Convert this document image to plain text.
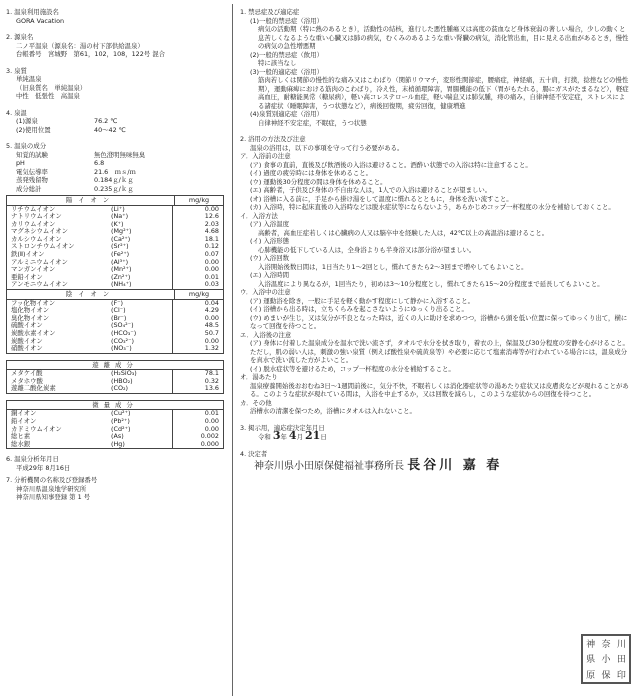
1. 温泉利用施設名
GORA Vacation
2. 源泉名
二ノ平温泉（源泉名：湯の村下部供給温泉）
台帳番号　宮城野　第61，102，108，122号 混合
3. 泉質
単純温泉
（旧泉質名　単純温泉）
中性　低張性　高温泉
4. 泉温
(1)源泉	76.2 ℃
(2)使用位置	40～42 ℃
5. 温泉の成分
知覚的試験	無色澄明無味無臭
pH	6.8
電気伝導率	21.6　ｍｓ/ｍ
蒸発残留物	0.184ｇ/ｋｇ
成分総計	0.235ｇ/ｋｇ
陽イオン	mg/kg
リチウムイオン	(Li⁺)	0.00
ナトリウムイオン	(Na⁺)	12.6
カリウムイオン	(K⁺)	2.03
マグネシウムイオン	(Mg²⁺)	4.68
カルシウムイオン	(Ca²⁺)	18.1
ストロンチウムイオン	(Sr²⁺)	0.12
鉄(Ⅱ)イオン	(Fe²⁺)	0.07
アルミニウムイオン	(Al³⁺)	0.00
マンガンイオン	(Mn²⁺)	0.00
亜鉛イオン	(Zn²⁺)	0.01
アンモニウムイオン	(NH₄⁺)	0.03
陰イオン	mg/kg
フッ化物イオン	(F⁻)	0.04
塩化物イオン	(Cl⁻)	4.29
臭化物イオン	(Br⁻)	0.00
硫酸イオン	(SO₄²⁻)	48.5
炭酸水素イオン	(HCO₃⁻)	50.7
炭酸イオン	(CO₃²⁻)	0.00
硝酸イオン	(NO₃⁻)	1.32
遊離成分
メタケイ酸	(H₂SiO₃)	78.1
メタホウ酸	(HBO₂)	0.32
遊離二酸化炭素	(CO₂)	13.6
微量成分
銅イオン	(Cu²⁺)	0.01
鉛イオン	(Pb²⁺)	0.00
カドミウムイオン	(Cd²⁺)	0.00
総ヒ素	(As)	0.002
総水銀	(Hg)	0.000
6. 温泉分析年月日
平成29年 8月16日
7. 分析機関の名称及び登録番号
神奈川県温泉地学研究所
神奈川県知事登録 第 1 号
1. 禁忌症及び適応症
(1)一般的禁忌症（浴用）
病気の活動期（特に熱のあるとき），活動性の結核，進行した悪性腫瘍又は高度の貧血など身体衰弱の著しい場合，少しの動くと息苦しくなるような重い心臓又は肺の病気，むくみのあるような重い腎臓の病気，消化管出血，目に見える出血があるとき，慢性の病気の急性増悪期
(2)一般的禁忌症（飲用）
特に該当なし
(3)一般的適応症（浴用）
筋肉若しくは関節の慢性的な痛み又はこわばり（関節リウマチ，変形性関節症，腰痛症，神経痛，五十肩，打撲，捻挫などの慢性期），運動麻痺における筋肉のこわばり，冷え性，末梢循環障害，胃腸機能の低下（胃がもたれる，腸にガスがたまるなど），軽症高血圧，耐糖能異常（糖尿病），軽い高コレステロール血症，軽い喘息又は肺気腫，痔の痛み，自律神経不安定症，ストレスによる諸症状（睡眠障害，うつ状態など），病後回復期，疲労回復，健康増進
(4)泉質別適応症（浴用）
自律神経不安定症，不眠症，うつ状態
2. 浴用の方法及び注意
温泉の浴用は，以下の事項を守って行う必要がある。
ア．入浴前の注意
(ア) 食事の直前，直後及び飲酒後の入浴は避けること。酒酔い状態での入浴は特に注意すること。
(イ) 過度の疲労時には身体を休めること。
(ウ) 運動後30分程度の間は身体を休めること。
(エ) 高齢者，子供及び身体の不自由な人は，1人での入浴は避けることが望ましい。
(オ) 浴槽に入る前に，手足から掛け湯をして温度に慣れるとともに，身体を洗い流すこと。
(カ) 入浴時，特に起床直後の入浴時などは脱水症状等にならないよう，あらかじめコップ一杯程度の水分を補給しておくこと。
イ．入浴方法
(ア) 入浴温度
高齢者，高血圧症若しくは心臓病の人又は脳卒中を経験した人は，42℃以上の高温浴は避けること。
(イ) 入浴形態
心肺機能の低下している人は，全身浴よりも半身浴又は部分浴が望ましい。
(ウ) 入浴回数
入浴開始後数日間は，1日当たり1～2回とし，慣れてきたら2～3回まで増やしてもよいこと。
(エ) 入浴時間
入浴温度により異なるが，1回当たり，初めは3～10分程度とし，慣れてきたら15～20分程度まで延長してもよいこと。
ウ．入浴中の注意
(ア) 運動浴を除き，一般に手足を軽く動かす程度にして静かに入浴すること。
(イ) 浴槽から出る時は，立ちくらみを起こさないようにゆっくり出ること。
(ウ) めまいが生じ，又は気分が不良となった時は，近くの人に助けを求めつつ，浴槽から頭を低い位置に保ってゆっくり出て，横になって回復を待つこと。
エ．入浴後の注意
(ア) 身体に付着した温泉成分を温水で洗い流さず，タオルで水分を拭き取り，着衣の上，保温及び30分程度の安静を心がけること。ただし，肌の弱い人は，刺激の強い泉質（例えば酸性泉や硫黄泉等）や必要に応じて塩素消毒等が行われている場合には，温泉成分を真水で洗い流した方がよいこと。
(イ) 脱水症状等を避けるため，コップ一杯程度の水分を補給すること。
オ．湯あたり
温泉療養開始後おおむね3日～1週間前後に，気分不快，不眠若しくは消化器症状等の湯あたり症状又は皮膚炎などが現れることがある。このような症状が現れている間は，入浴を中止するか，又は回数を減らし，このような症状からの回復を待つこと。
カ．その他
浴槽水の清潔を保つため，浴槽にタオルは入れないこと。
3. 掲示用，適応症決定年月日
令和 3年 4月 21日
4. 決定者
神奈川県小田原保健福祉事務所長 長谷川 嘉 春
神 奈 川
県 小 田
原 保 印
